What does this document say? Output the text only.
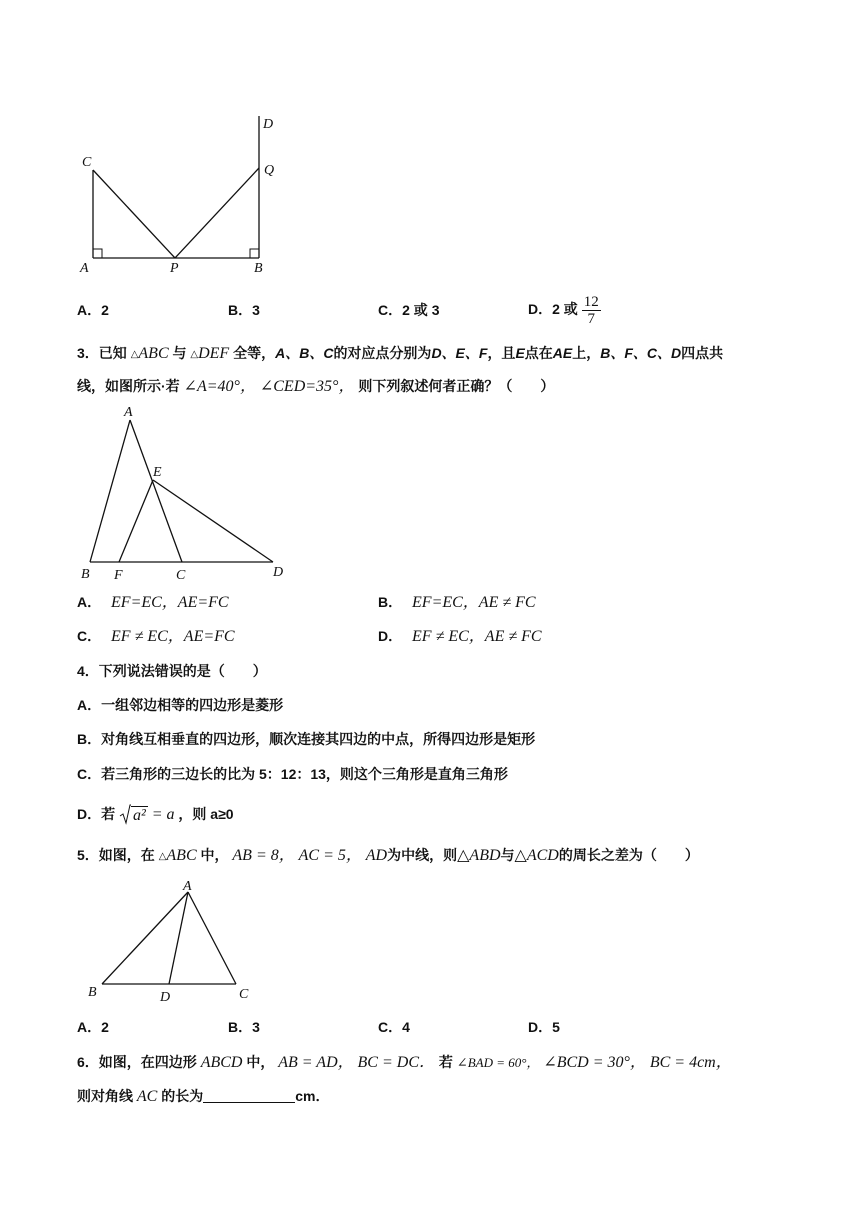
C
A	P	B
Q
D
A．2	B．3	C．2 或 3	D．2 或 $\frac{12}{7}$
3．已知 △ABC 与 △DEF 全等，A、B、C的对应点分别为D、E、F，且E点在AE上，B、F、C、D四点共
线，如图所示·若 ∠A=40°， ∠CED=35°， 则下列叙述何者正确？（　　）
A
E
B F	C	D
A． EF=EC，AE=FC	B． EF=EC，AE ≠ FC
C． EF ≠ EC，AE=FC	D． EF ≠ EC，AE ≠ FC
4．下列说法错误的是（　　）
A．一组邻边相等的四边形是菱形
B．对角线互相垂直的四边形，顺次连接其四边的中点，所得四边形是矩形
C．若三角形的三边长的比为 5：12：13，则这个三角形是直角三角形
D．若 a² = a ，则 a≥0
5．如图，在 △ABC 中， AB = 8， AC = 5， AD为中线，则△ABD与△ACD的周长之差为（　　）
A
B	D	C
A．2	B．3	C．4	D．5
6．如图，在四边形 ABCD 中， AB = AD， BC = DC． 若 ∠BAD = 60°， ∠BCD = 30°， BC = 4cm，
则对角线 AC 的长为	cm．
